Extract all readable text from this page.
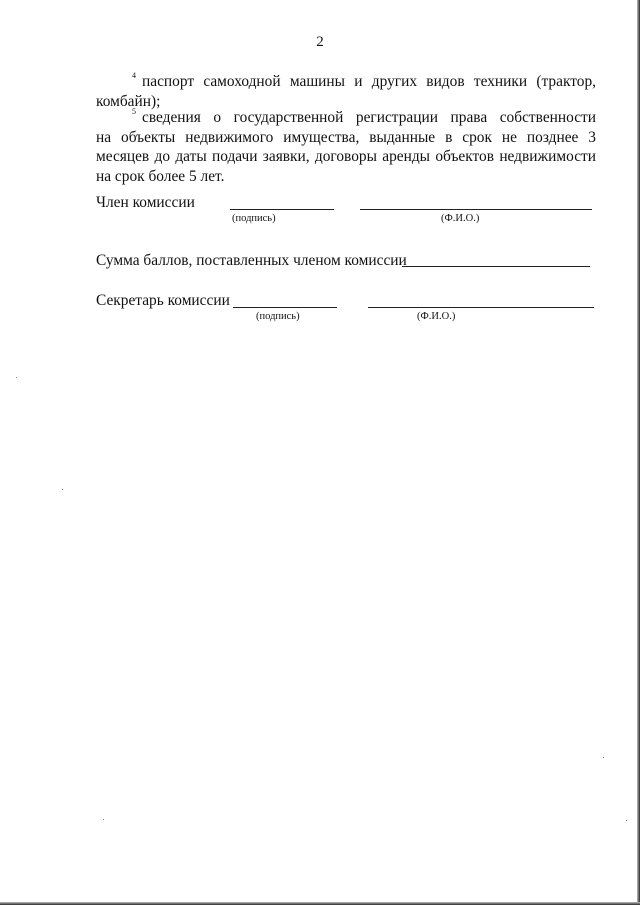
2
$^4$ паспорт самоходной машины и других видов техники (трактор,
комбайн);
$^5$ сведения о государственной регистрации права собственности
на объекты недвижимого имущества, выданные в срок не позднее 3 месяцев до даты подачи заявки, договоры аренды объектов недвижимости на срок более 5 лет.
Член комиссии
(подпись)	(Ф.И.О.)
Сумма баллов, поставленных членом комиссии
Секретарь комиссии
(подпись)	(Ф.И.О.)
